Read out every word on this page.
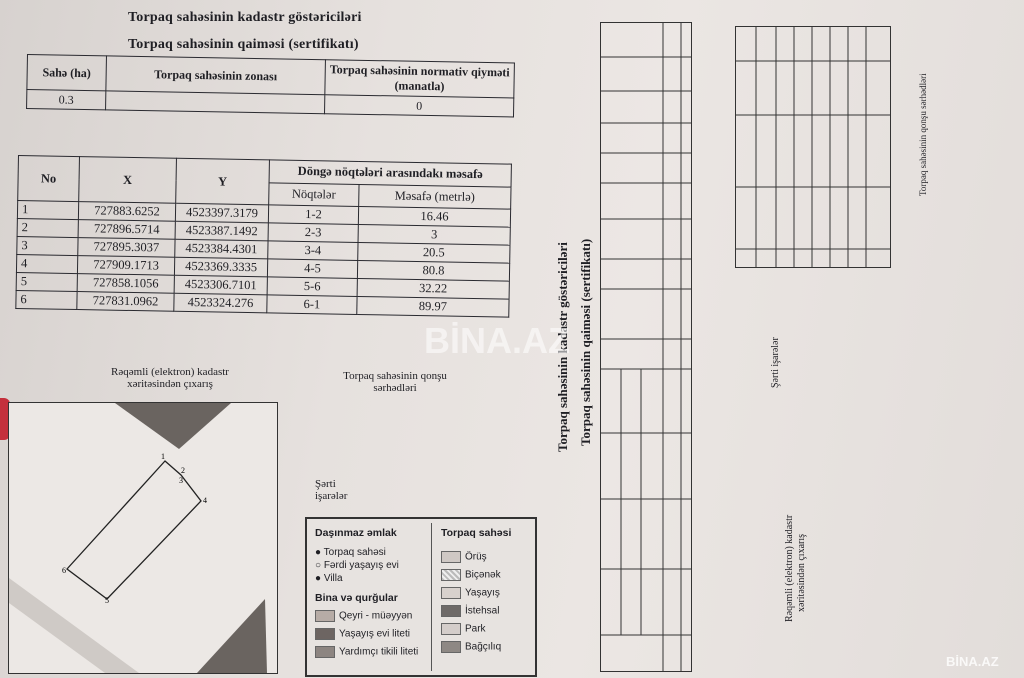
Torpaq sahəsinin kadastr göstəriciləri
Torpaq sahəsinin qaiməsi (sertifikatı)
Sahə (ha)	Torpaq sahəsinin zonası	Torpaq sahəsinin normativ qiyməti (manatla)
0.3		0
No	X	Y	Döngə nöqtələri arasındakı məsafə	
			Nöqtələr	Məsafə (metrlə)
1	727883.6252	4523397.3179	1-2	16.46
2	727896.5714	4523387.1492	2-3	3
3	727895.3037	4523384.4301	3-4	20.5
4	727909.1713	4523369.3335	4-5	80.8
5	727858.1056	4523306.7101	5-6	32.22
6	727831.0962	4523324.276	6-1	89.97
Rəqəmli (elektron) kadastr
xəritəsindən çıxarış
1
2
3
4
5
6
Torpaq sahəsinin qonşu
sərhədləri
Şərti
işarələr
Daşınmaz əmlak
● Torpaq sahəsi
○ Fərdi yaşayış evi
● Villa
Bina və qurğular
Qeyri - müəyyən
Yaşayış evi liteti
Yardımçı tikili liteti
Torpaq sahəsi
Örüş
Biçənək
Yaşayış
İstehsal
Park
Bağçılıq
Torpaq sahəsinin kadastr göstəriciləri Torpaq sahəsinin qaiməsi (sertifikatı)
Torpaq sahəsinin qonşu sərhədləri
Şərti işarələr
Rəqəmli (elektron) kadastr xəritəsindən çıxarış
BİNA.AZ
BİNA.AZ
